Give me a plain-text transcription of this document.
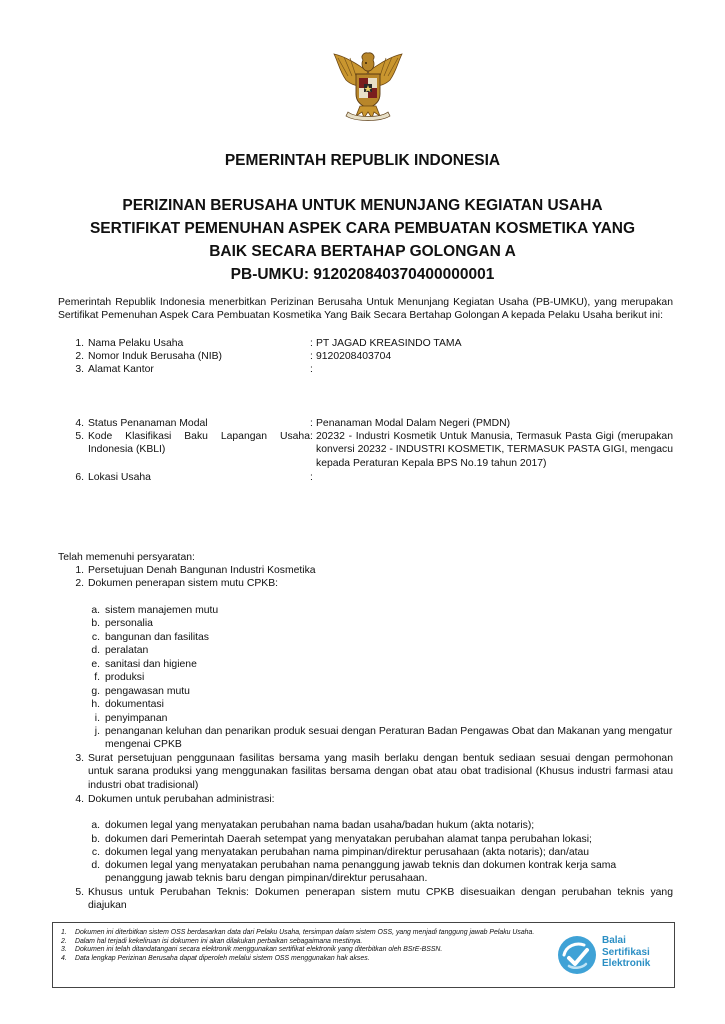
PEMERINTAH REPUBLIK INDONESIA
PERIZINAN BERUSAHA UNTUK MENUNJANG KEGIATAN USAHA
SERTIFIKAT PEMENUHAN ASPEK CARA PEMBUATAN KOSMETIKA YANG
BAIK SECARA BERTAHAP GOLONGAN A
PB-UMKU: 912020840370400000001
Pemerintah Republik Indonesia menerbitkan Perizinan Berusaha Untuk Menunjang Kegiatan Usaha (PB-UMKU), yang merupakan Sertifikat Pemenuhan Aspek Cara Pembuatan Kosmetika Yang Baik Secara Bertahap Golongan A kepada Pelaku Usaha berikut ini:
1. Nama Pelaku Usaha	: PT JAGAD KREASINDO TAMA
2. Nomor Induk Berusaha (NIB)	: 9120208403704
3. Alamat Kantor	:
4. Status Penanaman Modal	: Penanaman Modal Dalam Negeri (PMDN)
5. Kode Klasifikasi Baku Lapangan Usaha
Indonesia (KBLI)
: 20232 - Industri Kosmetik Untuk Manusia, Termasuk Pasta Gigi (merupakan konversi 20232 - INDUSTRI KOSMETIK, TERMASUK PASTA GIGI, mengacu kepada Peraturan Kepala BPS No.19 tahun 2017)
6. Lokasi Usaha	:
Telah memenuhi persyaratan:
1. Persetujuan Denah Bangunan Industri Kosmetika
2. Dokumen penerapan sistem mutu CPKB:
a. sistem manajemen mutu
b. personalia
c. bangunan dan fasilitas
d. peralatan
e. sanitasi dan higiene
f. produksi
g. pengawasan mutu
h. dokumentasi
i. penyimpanan
j. penanganan keluhan dan penarikan produk sesuai dengan Peraturan Badan Pengawas Obat dan Makanan yang mengatur mengenai CPKB
3. Surat persetujuan penggunaan fasilitas bersama yang masih berlaku dengan bentuk sediaan sesuai dengan permohonan untuk sarana produksi yang menggunakan fasilitas bersama dengan obat atau obat tradisional (Khusus industri farmasi atau industri obat tradisional)
4. Dokumen untuk perubahan administrasi:
a. dokumen legal yang menyatakan perubahan nama badan usaha/badan hukum (akta notaris);
b. dokumen dari Pemerintah Daerah setempat yang menyatakan perubahan alamat tanpa perubahan lokasi;
c. dokumen legal yang menyatakan perubahan nama pimpinan/direktur perusahaan (akta notaris); dan/atau
d. dokumen legal yang menyatakan perubahan nama penanggung jawab teknis dan dokumen kontrak kerja sama penanggung jawab teknis baru dengan pimpinan/direktur perusahaan.
5. Khusus untuk Perubahan Teknis: Dokumen penerapan sistem mutu CPKB disesuaikan dengan perubahan teknis yang diajukan
1. Dokumen ini diterbitkan sistem OSS berdasarkan data dari Pelaku Usaha, tersimpan dalam sistem OSS, yang menjadi tanggung jawab Pelaku Usaha.
2. Dalam hal terjadi kekeliruan isi dokumen ini akan dilakukan perbaikan sebagaimana mestinya.
3. Dokumen ini telah ditandatangani secara elektronik menggunakan sertifikat elektronik yang diterbitkan oleh BSrE-BSSN.
4. Data lengkap Perizinan Berusaha dapat diperoleh melalui sistem OSS menggunakan hak akses.
Balai
Sertifikasi
Elektronik
